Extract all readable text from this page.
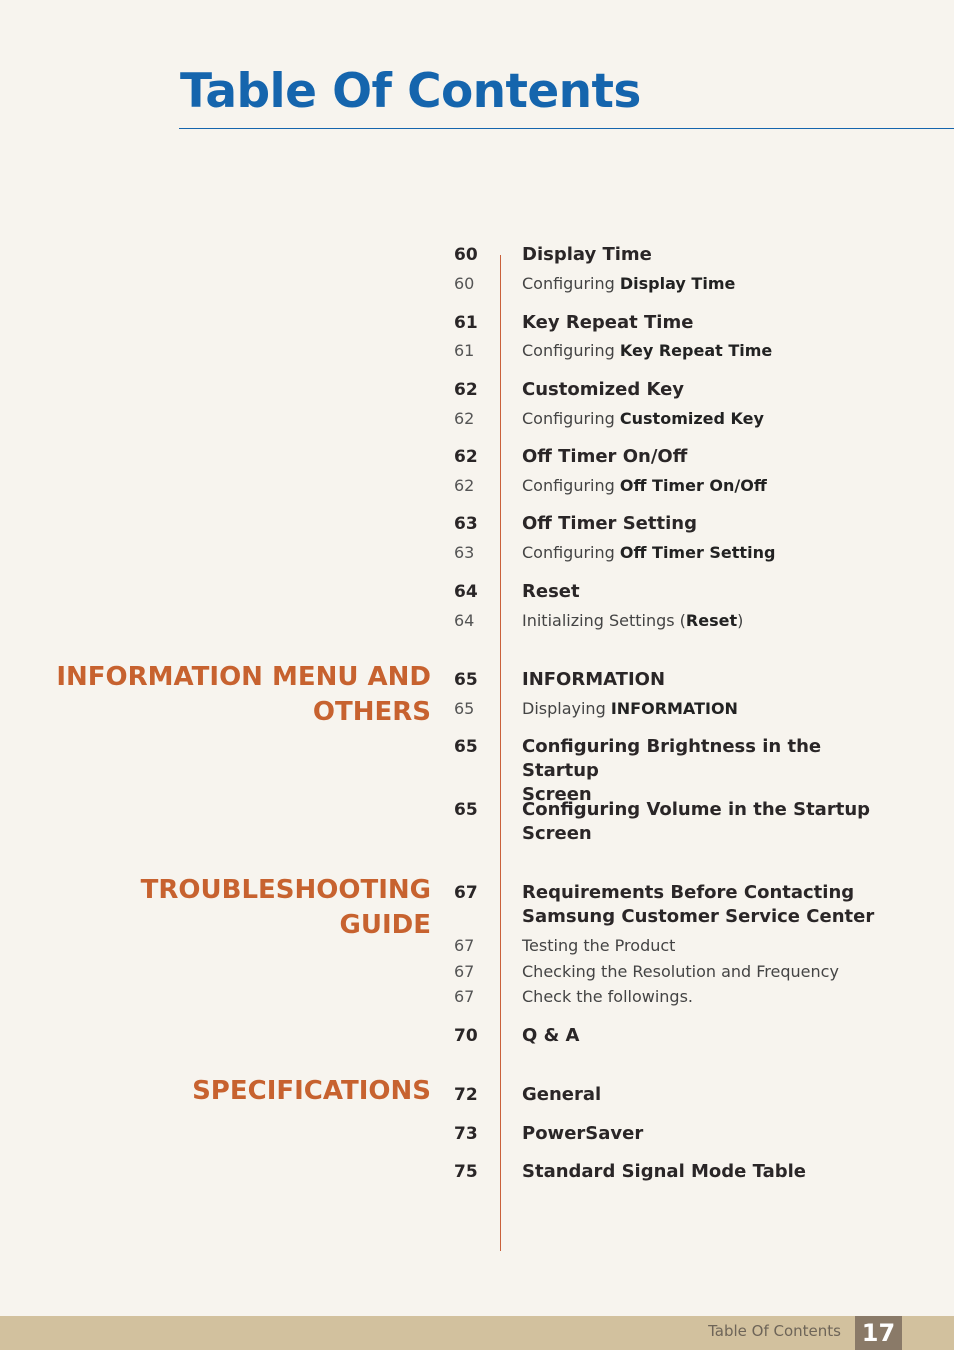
Table Of Contents
INFORMATION MENU AND
OTHERS
TROUBLESHOOTING
GUIDE
SPECIFICATIONS
60	Display Time
60	Configuring Display Time
61	Key Repeat Time
61	Configuring Key Repeat Time
62	Customized Key
62	Configuring Customized Key
62	Off Timer On/Off
62	Configuring Off Timer On/Off
63	Off Timer Setting
63	Configuring Off Timer Setting
64	Reset
64	Initializing Settings (Reset)
65	INFORMATION
65	Displaying INFORMATION
65	Configuring Brightness in the Startup
Screen
65	Configuring Volume in the Startup
Screen
67	Requirements Before Contacting
Samsung Customer Service Center
67	Testing the Product
67	Checking the Resolution and Frequency
67	Check the followings.
70	Q & A
72	General
73	PowerSaver
75	Standard Signal Mode Table
Table Of Contents 17
